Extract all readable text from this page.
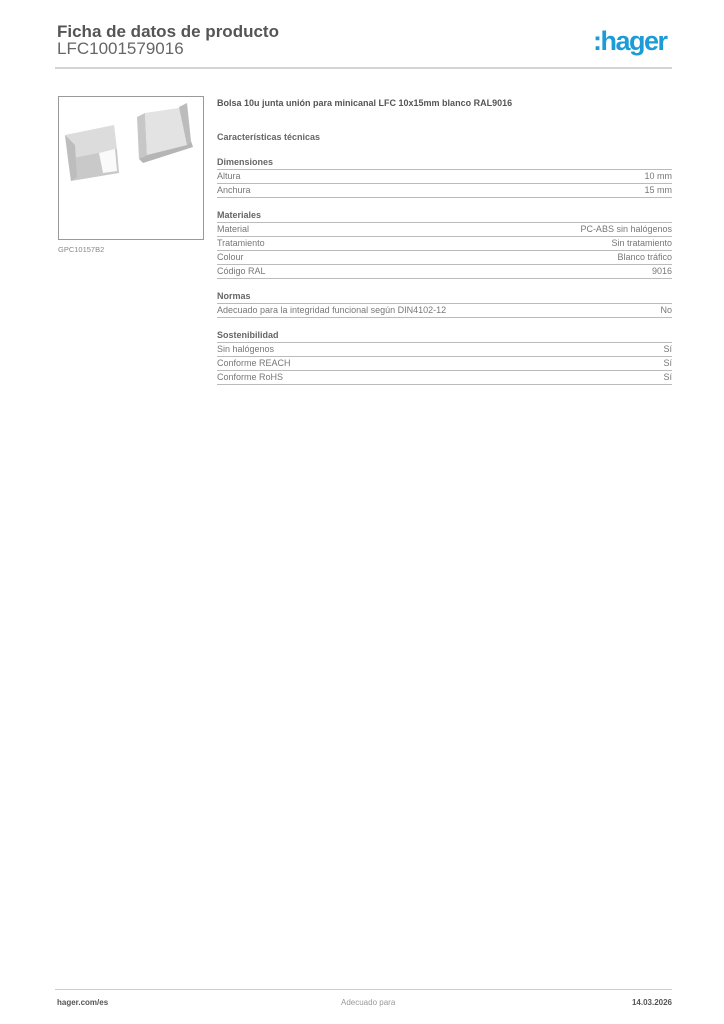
Ficha de datos de producto
LFC1001579016	:hager
GPC10157B2
Bolsa 10u junta unión para minicanal LFC 10x15mm blanco RAL9016
Características técnicas
Dimensiones
Altura	10 mm
Anchura	15 mm
Materiales
Material	PC-ABS sin halógenos
Tratamiento	Sin tratamiento
Colour	Blanco tráfico
Código RAL	9016
Normas
Adecuado para la integridad funcional según DIN4102-12	No
Sostenibilidad
Sin halógenos	Sí
Conforme REACH	Sí
Conforme RoHS	Sí
hager.com/es	Adecuado para	14.03.2026
